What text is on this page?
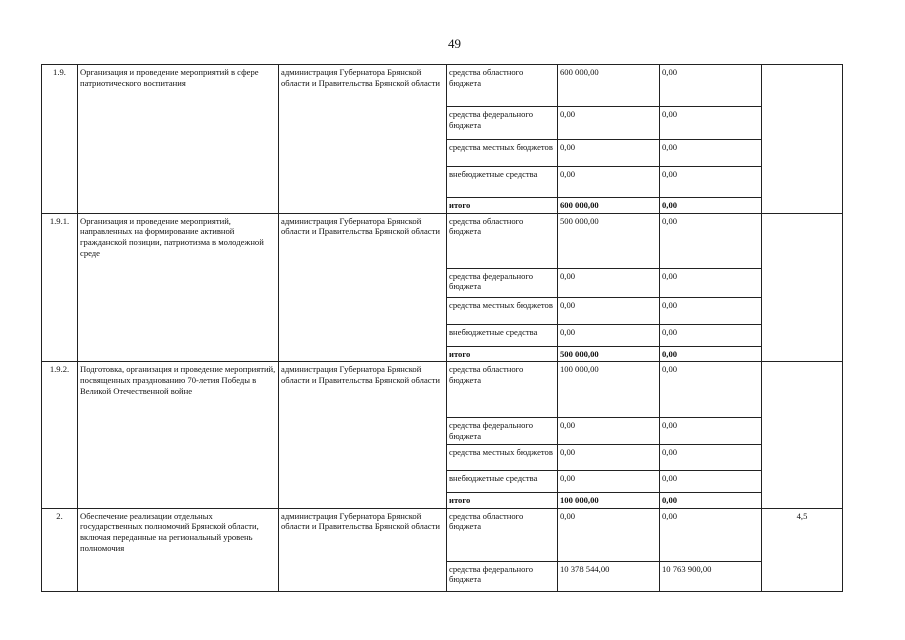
49
1.9.	Организация и проведение мероприятий в сфере патриотического воспитания	администрация Губернатора Брянской области и Правительства Брянской области	средства областного бюджета	600 000,00	0,00	
			средства федерального бюджета	0,00	0,00	
			средства местных бюджетов	0,00	0,00	
			внебюджетные средства	0,00	0,00	
			итого	600 000,00	0,00	
1.9.1.	Организация и проведение мероприятий, направленных на формирование активной гражданской позиции, патриотизма в молодежной среде	администрация Губернатора Брянской области и Правительства Брянской области	средства областного бюджета	500 000,00	0,00	
			средства федерального бюджета	0,00	0,00	
			средства местных бюджетов	0,00	0,00	
			внебюджетные средства	0,00	0,00	
			итого	500 000,00	0,00	
1.9.2.	Подготовка, организация и проведение мероприятий, посвященных празднованию 70-летия Победы в Великой Отечественной войне	администрация Губернатора Брянской области и Правительства Брянской области	средства областного бюджета	100 000,00	0,00	
			средства федерального бюджета	0,00	0,00	
			средства местных бюджетов	0,00	0,00	
			внебюджетные средства	0,00	0,00	
			итого	100 000,00	0,00	
2.	Обеспечение реализации отдельных государственных полномочий Брянской области, включая переданные на региональный уровень полномочия	администрация Губернатора Брянской области и Правительства Брянской области	средства областного бюджета	0,00	0,00	4,5
			средства федерального бюджета	10 378 544,00	10 763 900,00	
